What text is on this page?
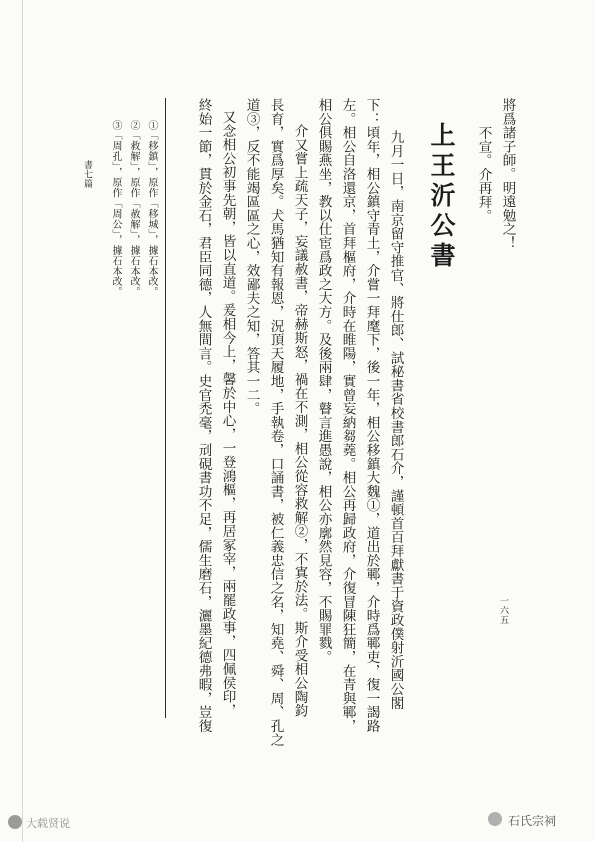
將爲諸子師。明遠勉之！
不宣。介再拜。
上王沂公書
九月一日，南京留守推官、將仕郎、試秘書省校書郎石介，謹頓首百拜獻書于資政僕射沂國公閣
下：頃年，相公鎮守青土，介嘗一拜麾下，後一年，相公移鎮大魏①，道出於鄆，介時爲鄆吏，復一謁路
左。相公自洛還京，首拜樞府，介時在睢陽，實曾妄納芻蕘。相公再歸政府，介復冒陳狂簡，在青與鄆，
相公俱賜燕坐，教以仕宦爲政之大方。及後兩肆，瞽言進愚說，相公亦廓然見容，不賜罪戮。
介又嘗上疏天子，妄議赦書，帝赫斯怒，禍在不測，相公從容救解②，不寘於法。斯介受相公陶鈞
長育，實爲厚矣。犬馬猶知有報恩，況頂天履地，手執卷，口誦書，被仁義忠信之名，知堯、舜、周、孔之
道③，反不能竭區區之心，效鄙夫之知，答其一二。
又念相公初事先朝，皆以直道。爰相今上，馨於中心，一登鴻樞，再居冢宰，兩罷政事，四佩侯印，
終始一節，貫於金石，君臣同德，人無間言。史官禿毫，刓硯書功不足，儒生磨石，灑墨紀德弗暇，豈復
①「移鎮」，原作「移城」，據石本改。
②「救解」，原作「赦解」，據石本改。
③「周孔」，原作「周公」，據石本改。
書七篇
一六五
大载贤说	石氏宗祠
